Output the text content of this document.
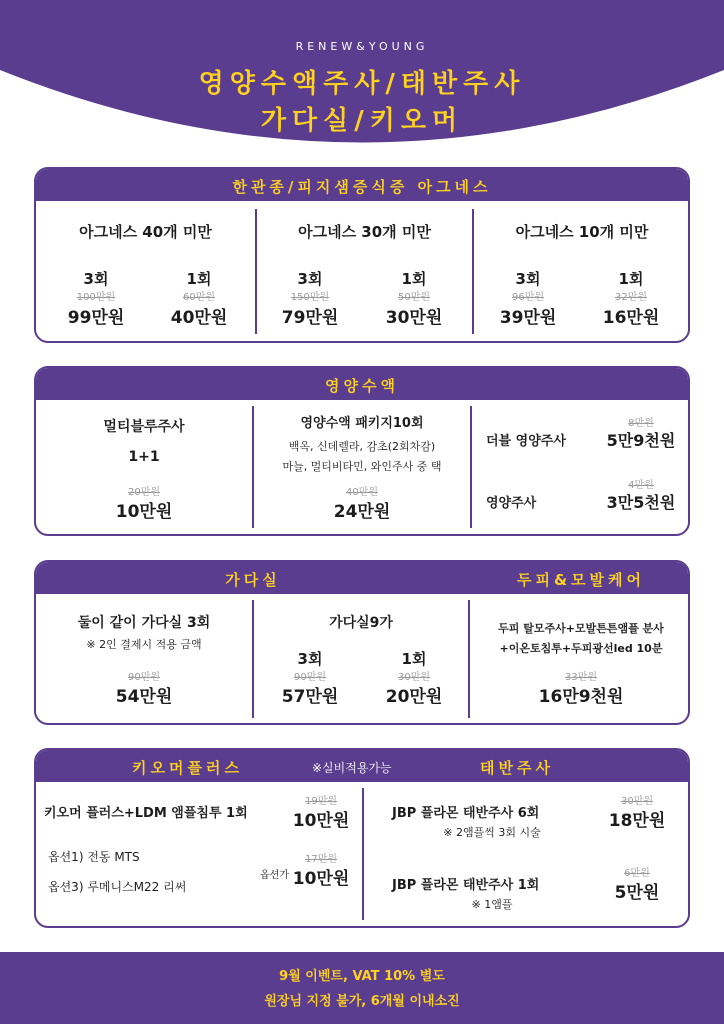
RENEW&YOUNG
영양수액주사/태반주사
가다실/키오머
한관종/피지샘증식증 아그네스
아그네스 40개 미만
3회
100만원
99만원
1회
60만원
40만원
아그네스 30개 미만
3회
150만원
79만원
1회
50만원
30만원
아그네스 10개 미만
3회
96만원
39만원
1회
32만원
16만원
영양수액
멀티블루주사
1+1
20만원
10만원
영양수액 패키지10회
백옥, 신데렐라, 감초(2회차감)
마늘, 멀티비타민, 와인주사 중 택
40만원
24만원
더블 영양주사
8만원
5만9천원
영양주사
4만원
3만5천원
가다실	두피&모발케어
둘이 같이 가다실 3회
※ 2인 결제시 적용 금액
90만원
54만원
가다실9가
3회
90만원
57만원
1회
30만원
20만원
두피 탈모주사+모발튼튼앰플 분사
+이온토침투+두피광선led 10분
33만원
16만9천원
키오머플러스	※실비적용가능	태반주사
키오머 플러스+LDM 앰플침투 1회
19만원
10만원
옵션1) 전동 MTS
옵션3) 루메니스M22 리써
옵션가
17만원
10만원
JBP 플라몬 태반주사 6회
※ 2앰플씩 3회 시술
30만원
18만원
JBP 플라몬 태반주사 1회
※ 1앰플
6만원
5만원
9월 이벤트, VAT 10% 별도
원장님 지정 불가, 6개월 이내소진
